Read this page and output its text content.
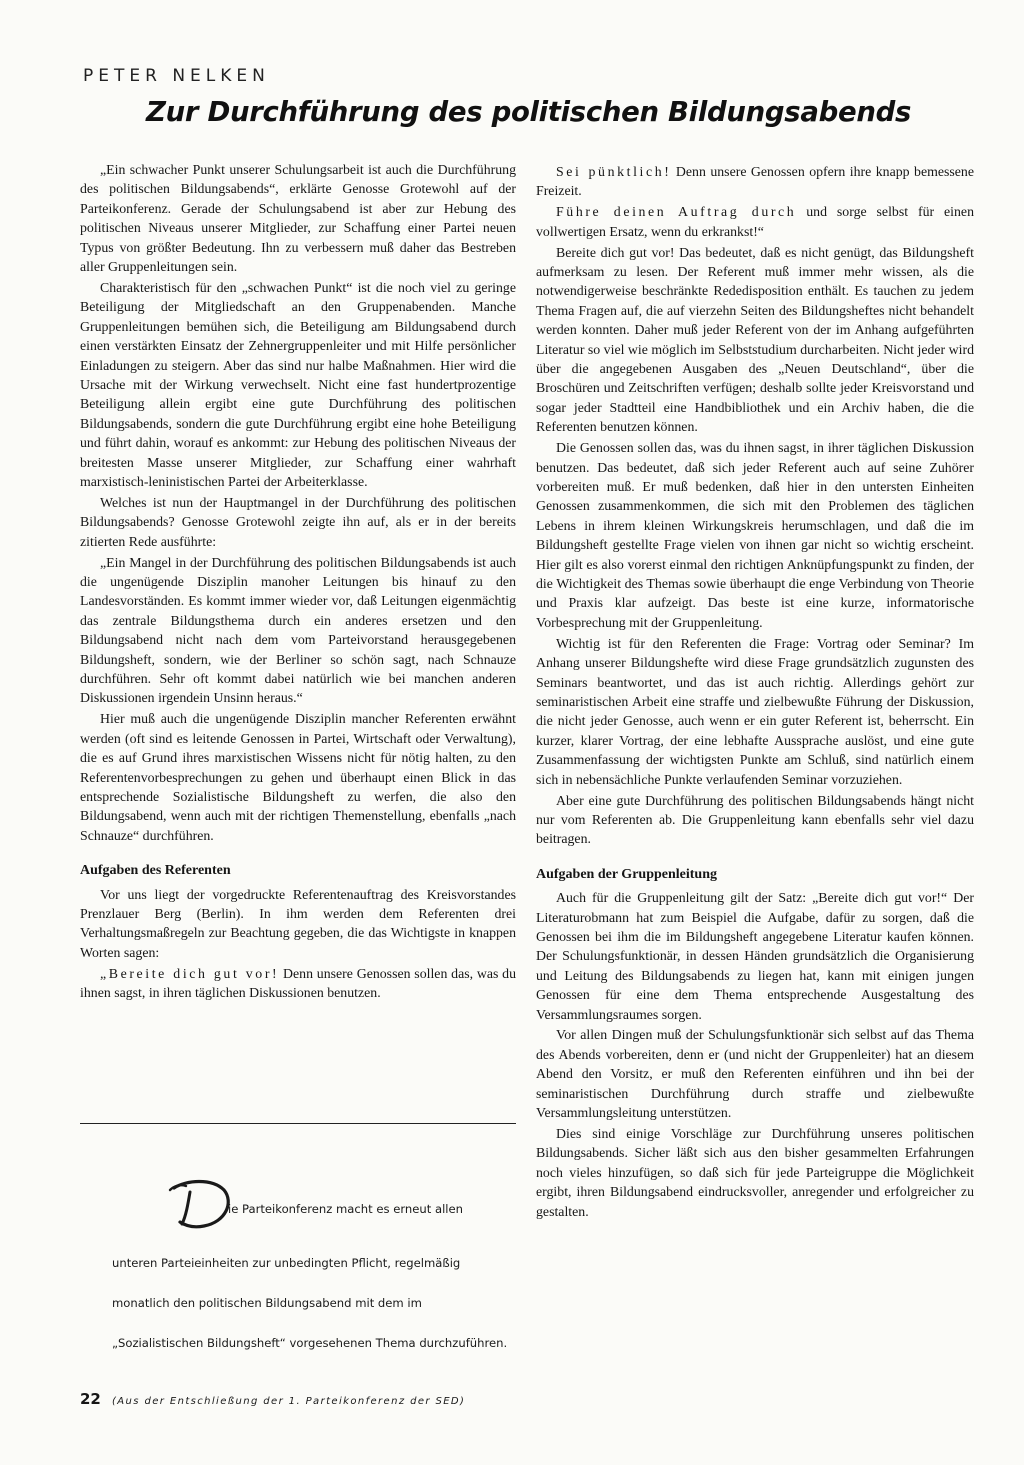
PETER NELKEN
Zur Durchführung des politischen Bildungsabends

„Ein schwacher Punkt unserer Schulungsarbeit ist auch die Durchführung des politischen Bildungsabends“, erklärte Genosse Grotewohl auf der Parteikonferenz. Gerade der Schulungsabend ist aber zur Hebung des politischen Niveaus unserer Mitglieder, zur Schaffung einer Partei neuen Typus von größter Bedeutung. Ihn zu verbessern muß daher das Bestreben aller Gruppenleitungen sein.

Charakteristisch für den „schwachen Punkt“ ist die noch viel zu geringe Beteiligung der Mitgliedschaft an den Gruppenabenden. Manche Gruppenleitungen bemühen sich, die Beteiligung am Bildungsabend durch einen verstärkten Einsatz der Zehnergruppenleiter und mit Hilfe persönlicher Einladungen zu steigern. Aber das sind nur halbe Maßnahmen. Hier wird die Ursache mit der Wirkung verwechselt. Nicht eine fast hundertprozentige Beteiligung allein ergibt eine gute Durchführung des politischen Bildungsabends, sondern die gute Durchführung ergibt eine hohe Beteiligung und führt dahin, worauf es ankommt: zur Hebung des politischen Niveaus der breitesten Masse unserer Mitglieder, zur Schaffung einer wahrhaft marxistisch-leninistischen Partei der Arbeiterklasse.

Welches ist nun der Hauptmangel in der Durchführung des politischen Bildungsabends? Genosse Grotewohl zeigte ihn auf, als er in der bereits zitierten Rede ausführte:

„Ein Mangel in der Durchführung des politischen Bildungsabends ist auch die ungenügende Disziplin manoher Leitungen bis hinauf zu den Landesvorständen. Es kommt immer wieder vor, daß Leitungen eigenmächtig das zentrale Bildungsthema durch ein anderes ersetzen und den Bildungsabend nicht nach dem vom Parteivorstand herausgegebenen Bildungsheft, sondern, wie der Berliner so schön sagt, nach Schnauze durchführen. Sehr oft kommt dabei natürlich wie bei manchen anderen Diskussionen irgendein Unsinn heraus.“

Hier muß auch die ungenügende Disziplin mancher Referenten erwähnt werden (oft sind es leitende Genossen in Partei, Wirtschaft oder Verwaltung), die es auf Grund ihres marxistischen Wissens nicht für nötig halten, zu den Referentenvorbesprechungen zu gehen und überhaupt einen Blick in das entsprechende Sozialistische Bildungsheft zu werfen, die also den Bildungsabend, wenn auch mit der richtigen Themenstellung, ebenfalls „nach Schnauze“ durchführen.

Aufgaben des Referenten

Vor uns liegt der vorgedruckte Referentenauftrag des Kreisvorstandes Prenzlauer Berg (Berlin). In ihm werden dem Referenten drei Verhaltungsmaßregeln zur Beachtung gegeben, die das Wichtigste in knappen Worten sagen:

„Bereite dich gut vor! Denn unsere Genossen sollen das, was du ihnen sagst, in ihren täglichen Diskussionen benutzen.

Sei pünktlich! Denn unsere Genossen opfern ihre knapp bemessene Freizeit.

Führe deinen Auftrag durch und sorge selbst für einen vollwertigen Ersatz, wenn du erkrankst!“

Bereite dich gut vor! Das bedeutet, daß es nicht genügt, das Bildungsheft aufmerksam zu lesen. Der Referent muß immer mehr wissen, als die notwendigerweise beschränkte Rededisposition enthält. Es tauchen zu jedem Thema Fragen auf, die auf vierzehn Seiten des Bildungsheftes nicht behandelt werden konnten. Daher muß jeder Referent von der im Anhang aufgeführten Literatur so viel wie möglich im Selbststudium durcharbeiten. Nicht jeder wird über die angegebenen Ausgaben des „Neuen Deutschland“, über die Broschüren und Zeitschriften verfügen; deshalb sollte jeder Kreisvorstand und sogar jeder Stadtteil eine Handbibliothek und ein Archiv haben, die die Referenten benutzen können.

Die Genossen sollen das, was du ihnen sagst, in ihrer täglichen Diskussion benutzen. Das bedeutet, daß sich jeder Referent auch auf seine Zuhörer vorbereiten muß. Er muß bedenken, daß hier in den untersten Einheiten Genossen zusammenkommen, die sich mit den Problemen des täglichen Lebens in ihrem kleinen Wirkungskreis herumschlagen, und daß die im Bildungsheft gestellte Frage vielen von ihnen gar nicht so wichtig erscheint. Hier gilt es also vorerst einmal den richtigen Anknüpfungspunkt zu finden, der die Wichtigkeit des Themas sowie überhaupt die enge Verbindung von Theorie und Praxis klar aufzeigt. Das beste ist eine kurze, informatorische Vorbesprechung mit der Gruppenleitung.

Wichtig ist für den Referenten die Frage: Vortrag oder Seminar? Im Anhang unserer Bildungshefte wird diese Frage grundsätzlich zugunsten des Seminars beantwortet, und das ist auch richtig. Allerdings gehört zur seminaristischen Arbeit eine straffe und zielbewußte Führung der Diskussion, die nicht jeder Genosse, auch wenn er ein guter Referent ist, beherrscht. Ein kurzer, klarer Vortrag, der eine lebhafte Aussprache auslöst, und eine gute Zusammenfassung der wichtigsten Punkte am Schluß, sind natürlich einem sich in nebensächliche Punkte verlaufenden Seminar vorzuziehen.

Aber eine gute Durchführung des politischen Bildungsabends hängt nicht nur vom Referenten ab. Die Gruppenleitung kann ebenfalls sehr viel dazu beitragen.

Aufgaben der Gruppenleitung

Auch für die Gruppenleitung gilt der Satz: „Bereite dich gut vor!“ Der Literaturobmann hat zum Beispiel die Aufgabe, dafür zu sorgen, daß die Genossen bei ihm die im Bildungsheft angegebene Literatur kaufen können. Der Schulungsfunktionär, in dessen Händen grundsätzlich die Organisierung und Leitung des Bildungsabends zu liegen hat, kann mit einigen jungen Genossen für eine dem Thema entsprechende Ausgestaltung des Versammlungsraumes sorgen.

Vor allen Dingen muß der Schulungsfunktionär sich selbst auf das Thema des Abends vorbereiten, denn er (und nicht der Gruppenleiter) hat an diesem Abend den Vorsitz, er muß den Referenten einführen und ihn bei der seminaristischen Durchführung durch straffe und zielbewußte Versammlungsleitung unterstützen.

Dies sind einige Vorschläge zur Durchführung unseres politischen Bildungsabends. Sicher läßt sich aus den bisher gesammelten Erfahrungen noch vieles hinzufügen, so daß sich für jede Parteigruppe die Möglichkeit ergibt, ihren Bildungsabend eindrucksvoller, anregender und erfolgreicher zu gestalten.

ie Parteikonferenz macht es erneut allen
unteren Parteieinheiten zur unbedingten Pflicht, regelmäßig
monatlich den politischen Bildungsabend mit dem im
„Sozialistischen Bildungsheft“ vorgesehenen Thema durchzuführen.
(Aus der Entschließung der 1. Parteikonferenz der SED)
22
